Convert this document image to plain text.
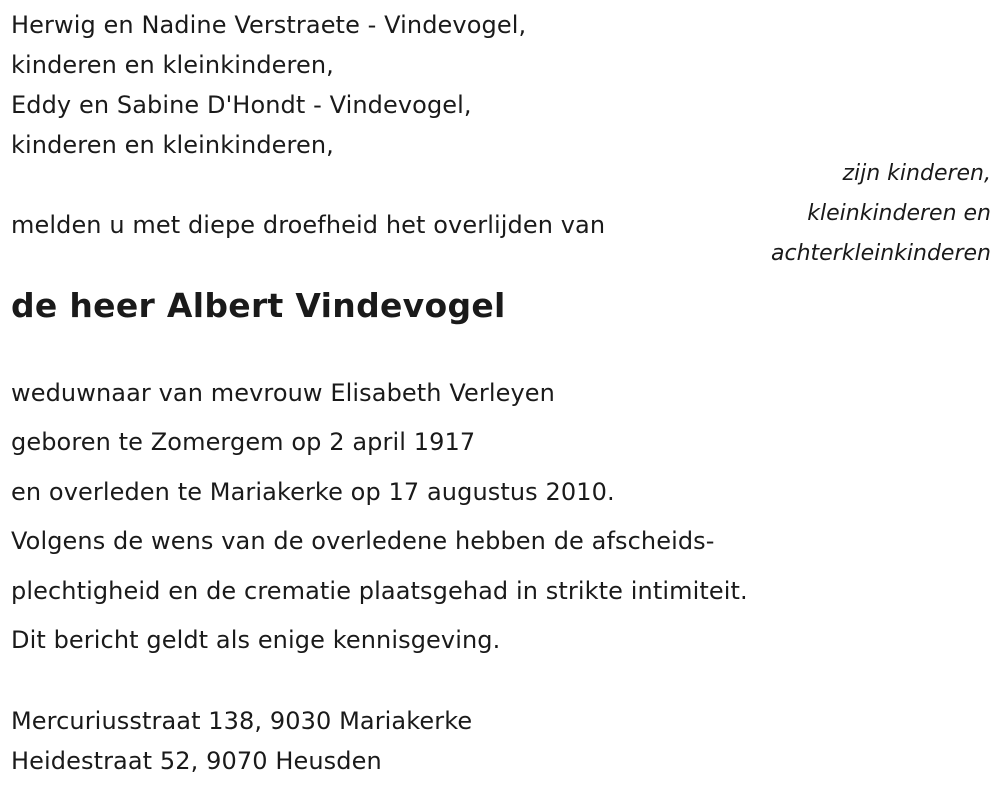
Herwig en Nadine Verstraete - Vindevogel,
kinderen en kleinkinderen,
Eddy en Sabine D'Hondt - Vindevogel,
kinderen en kleinkinderen,
zijn kinderen,
kleinkinderen en
achterkleinkinderen
melden u met diepe droefheid het overlijden van
de heer Albert Vindevogel
weduwnaar van mevrouw Elisabeth Verleyen
geboren te Zomergem op 2 april 1917
en overleden te Mariakerke op 17 augustus 2010.
Volgens de wens van de overledene hebben de afscheids-
plechtigheid en de crematie plaatsgehad in strikte intimiteit.
Dit bericht geldt als enige kennisgeving.
Mercuriusstraat 138, 9030 Mariakerke
Heidestraat 52, 9070 Heusden
